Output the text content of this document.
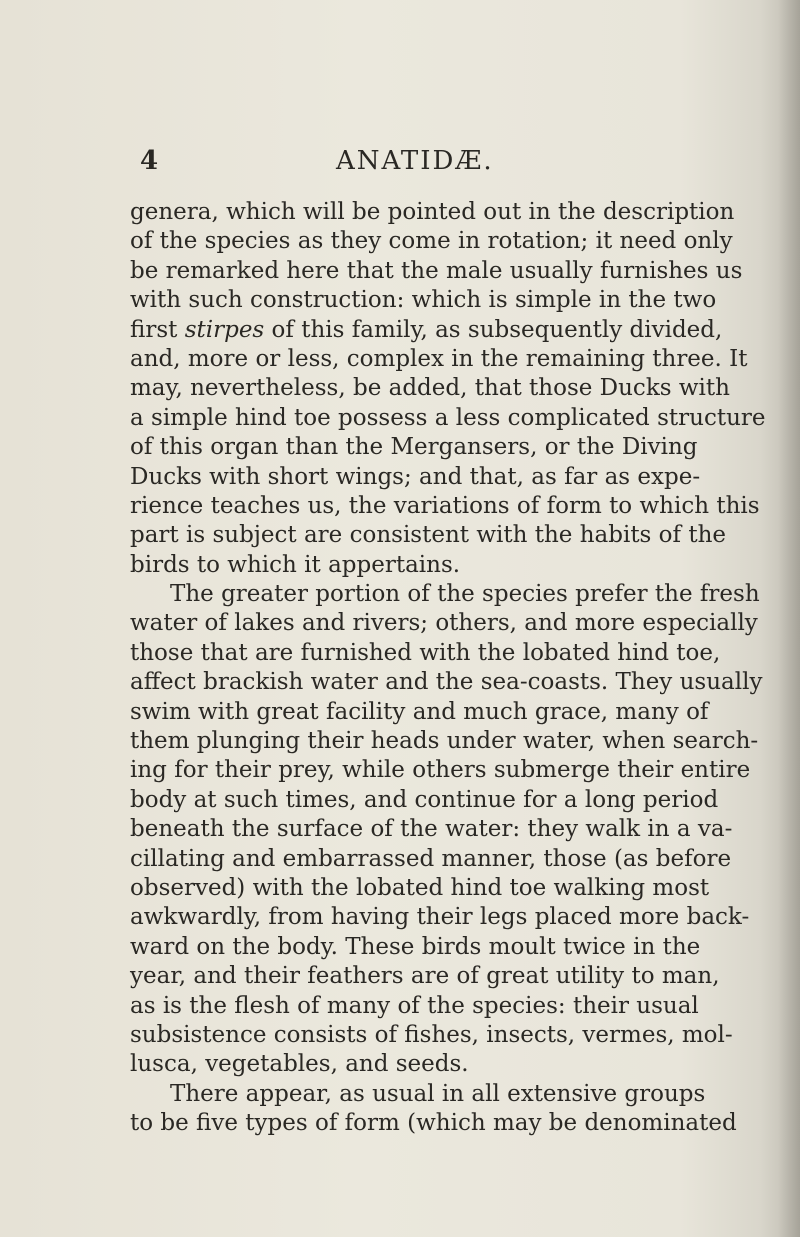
4	ANATIDÆ.
genera, which will be pointed out in the description
of the species as they come in rotation; it need only
be remarked here that the male usually furnishes us
with such construction: which is simple in the two
first stirpes of this family, as subsequently divided,
and, more or less, complex in the remaining three. It
may, nevertheless, be added, that those Ducks with
a simple hind toe possess a less complicated structure
of this organ than the Mergansers, or the Diving
Ducks with short wings; and that, as far as expe-
rience teaches us, the variations of form to which this
part is subject are consistent with the habits of the
birds to which it appertains.
The greater portion of the species prefer the fresh
water of lakes and rivers; others, and more especially
those that are furnished with the lobated hind toe,
affect brackish water and the sea-coasts. They usually
swim with great facility and much grace, many of
them plunging their heads under water, when search-
ing for their prey, while others submerge their entire
body at such times, and continue for a long period
beneath the surface of the water: they walk in a va-
cillating and embarrassed manner, those (as before
observed) with the lobated hind toe walking most
awkwardly, from having their legs placed more back-
ward on the body. These birds moult twice in the
year, and their feathers are of great utility to man,
as is the flesh of many of the species: their usual
subsistence consists of fishes, insects, vermes, mol-
lusca, vegetables, and seeds.
There appear, as usual in all extensive groups
to be five types of form (which may be denominated
